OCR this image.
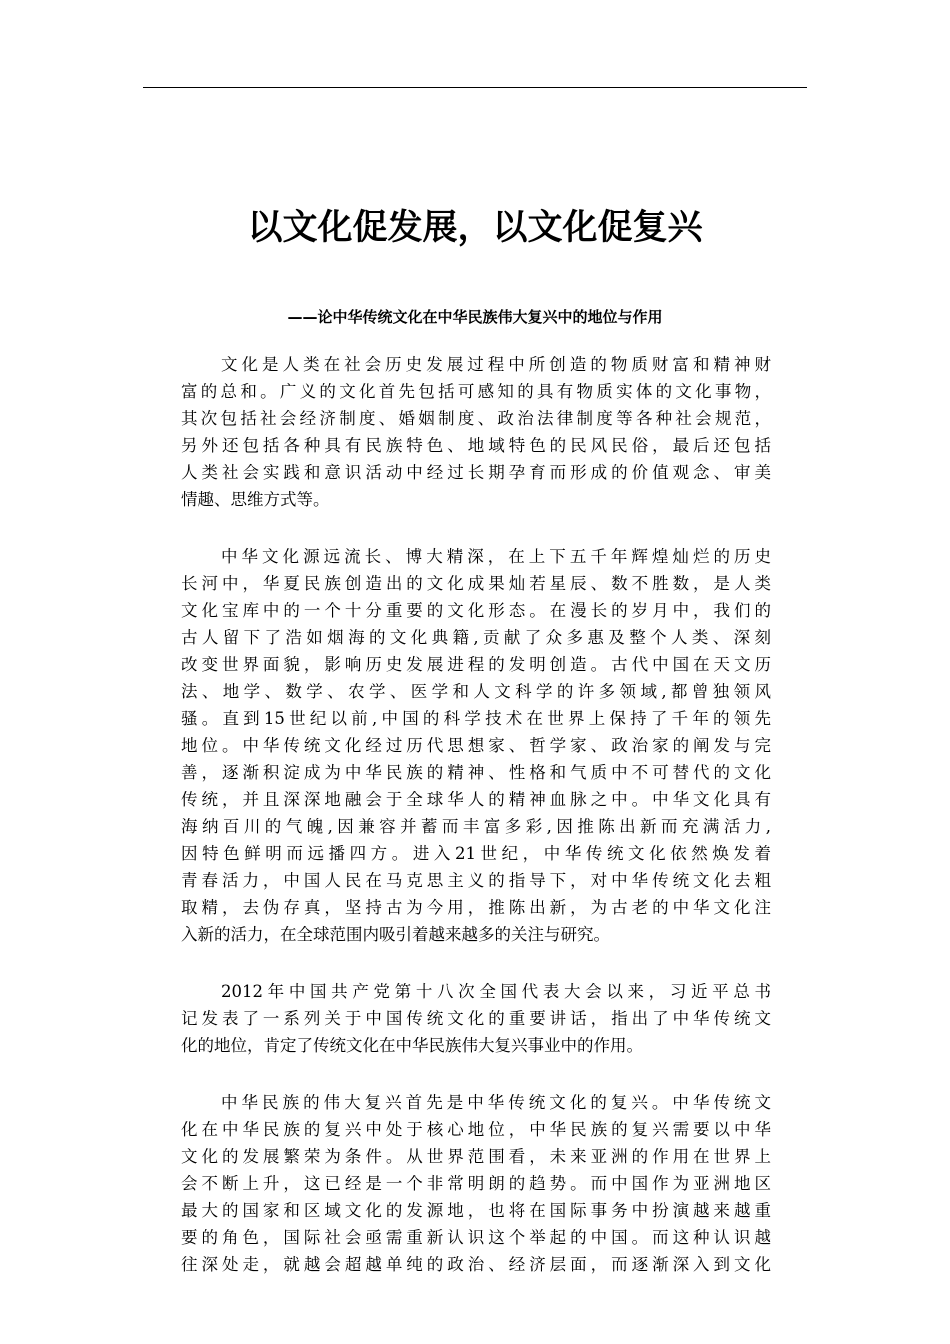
以文化促发展，以文化促复兴

——论中华传统文化在中华民族伟大复兴中的地位与作用

文化是人类在社会历史发展过程中所创造的物质财富和精神财
富的总和。广义的文化首先包括可感知的具有物质实体的文化事物，
其次包括社会经济制度、婚姻制度、政治法律制度等各种社会规范，
另外还包括各种具有民族特色、地域特色的民风民俗，最后还包括
人类社会实践和意识活动中经过长期孕育而形成的价值观念、审美
情趣、思维方式等。
中华文化源远流长、博大精深，在上下五千年辉煌灿烂的历史
长河中，华夏民族创造出的文化成果灿若星辰、数不胜数，是人类
文化宝库中的一个十分重要的文化形态。在漫长的岁月中，我们的
古人留下了浩如烟海的文化典籍,贡献了众多惠及整个人类、深刻
改变世界面貌，影响历史发展进程的发明创造。古代中国在天文历
法、地学、数学、农学、医学和人文科学的许多领域,都曾独领风
骚。直到15世纪以前,中国的科学技术在世界上保持了千年的领先
地位。中华传统文化经过历代思想家、哲学家、政治家的阐发与完
善，逐渐积淀成为中华民族的精神、性格和气质中不可替代的文化
传统，并且深深地融会于全球华人的精神血脉之中。中华文化具有
海纳百川的气魄,因兼容并蓄而丰富多彩,因推陈出新而充满活力,
因特色鲜明而远播四方。进入21世纪，中华传统文化依然焕发着
青春活力，中国人民在马克思主义的指导下，对中华传统文化去粗
取精，去伪存真，坚持古为今用，推陈出新，为古老的中华文化注
入新的活力，在全球范围内吸引着越来越多的关注与研究。
2012年中国共产党第十八次全国代表大会以来，习近平总书
记发表了一系列关于中国传统文化的重要讲话，指出了中华传统文
化的地位，肯定了传统文化在中华民族伟大复兴事业中的作用。
中华民族的伟大复兴首先是中华传统文化的复兴。中华传统文
化在中华民族的复兴中处于核心地位，中华民族的复兴需要以中华
文化的发展繁荣为条件。从世界范围看，未来亚洲的作用在世界上
会不断上升，这已经是一个非常明朗的趋势。而中国作为亚洲地区
最大的国家和区域文化的发源地，也将在国际事务中扮演越来越重
要的角色，国际社会亟需重新认识这个举起的中国。而这种认识越
往深处走，就越会超越单纯的政治、经济层面，而逐渐深入到文化
